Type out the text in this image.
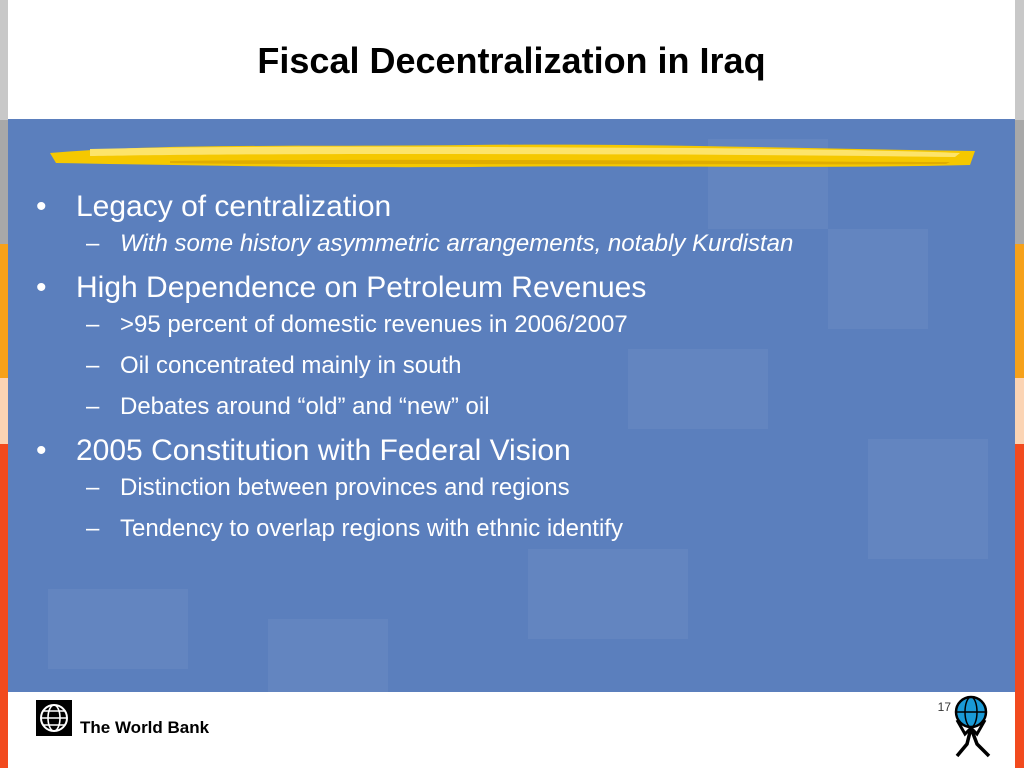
Fiscal Decentralization in Iraq
• Legacy of centralization
– With some history asymmetric arrangements, notably Kurdistan
• High Dependence on Petroleum Revenues
– >95 percent of domestic revenues in 2006/2007
– Oil concentrated mainly in south
– Debates around “old” and “new” oil
• 2005 Constitution with Federal Vision
– Distinction between provinces and regions
– Tendency to overlap regions with ethnic identify
The World Bank
17
